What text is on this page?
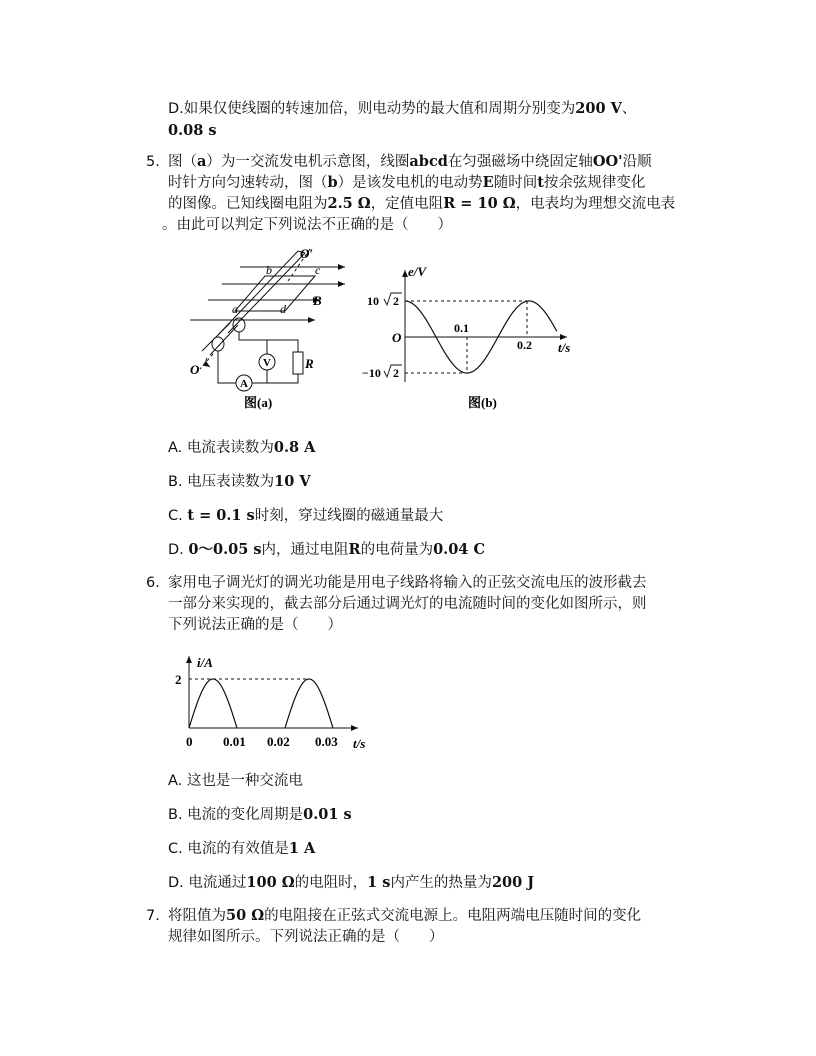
D.如果仅使线圈的转速加倍，则电动势的最大值和周期分别变为200 V、
0.08 s
5. 图（a）为一交流发电机示意图，线圈abcd在匀强磁场中绕固定轴OO'沿顺
时针方向匀速转动，图（b）是该发电机的电动势E随时间t按余弦规律变化
的图像。已知线圈电阻为2.5 Ω，定值电阻R = 10 Ω，电表均为理想交流电表
。由此可以判定下列说法不正确的是（　　）
O′
b	c
a	d
B
O	V
A
R
图(a)
e/V
t/s
O
10 2
−10 2
0.1
0.2
图(b)
A. 电流表读数为0.8 A
B. 电压表读数为10 V
C. t = 0.1 s时刻，穿过线圈的磁通量最大
D. 0～0.05 s内，通过电阻R的电荷量为0.04 C
6. 家用电子调光灯的调光功能是用电子线路将输入的正弦交流电压的波形截去
一部分来实现的，截去部分后通过调光灯的电流随时间的变化如图所示，则
下列说法正确的是（　　）
i/A
2
t/s
0 0.01 0.02 0.03
A. 这也是一种交流电
B. 电流的变化周期是0.01 s
C. 电流的有效值是1 A
D. 电流通过100 Ω的电阻时，1 s内产生的热量为200 J
7. 将阻值为50 Ω的电阻接在正弦式交流电源上。电阻两端电压随时间的变化
规律如图所示。下列说法正确的是（　　）
